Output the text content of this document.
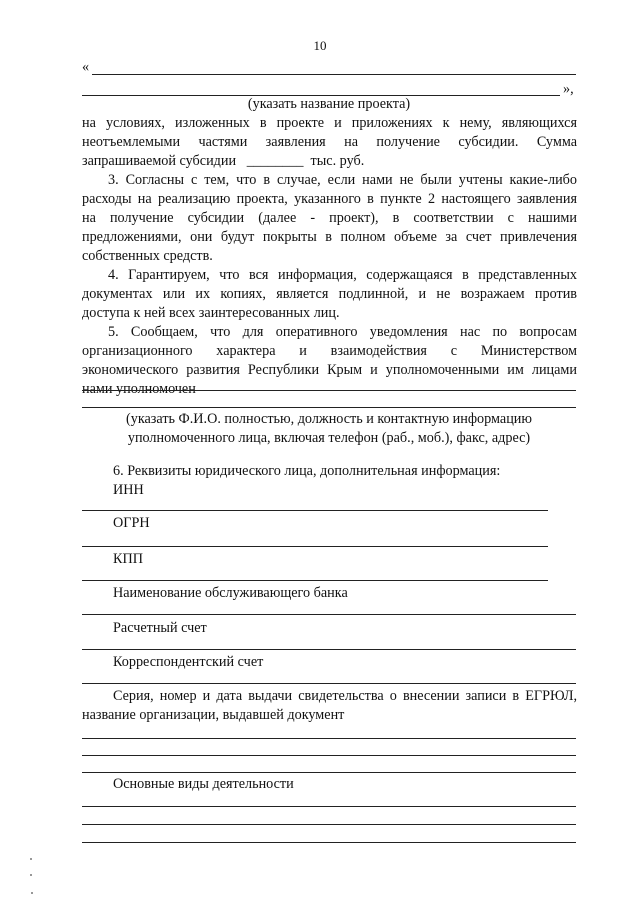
10
«
»,
(указать название проекта)
на условиях, изложенных в проекте и приложениях к нему, являющихся
неотъемлемыми частями заявления на получение субсидии. Сумма
запрашиваемой субсидии ________ тыс. руб.
3. Согласны с тем, что в случае, если нами не были учтены какие-либо
расходы на реализацию проекта, указанного в пункте 2 настоящего заявления
на получение субсидии (далее - проект), в соответствии с нашими
предложениями, они будут покрыты в полном объеме за счет привлечения
собственных средств.
4. Гарантируем, что вся информация, содержащаяся в представленных
документах или их копиях, является подлинной, и не возражаем против
доступа к ней всех заинтересованных лиц.
5. Сообщаем, что для оперативного уведомления нас по вопросам
организационного характера и взаимодействия с Министерством
экономического развития Республики Крым и уполномоченными им лицами
нами уполномочен
(указать Ф.И.О. полностью, должность и контактную информацию
уполномоченного лица, включая телефон (раб., моб.), факс, адрес)
6. Реквизиты юридического лица, дополнительная информация:
ИНН
ОГРН
КПП
Наименование обслуживающего банка
Расчетный счет
Корреспондентский счет
Серия, номер и дата выдачи свидетельства о внесении записи в ЕГРЮЛ,
название организации, выдавшей документ
Основные виды деятельности
